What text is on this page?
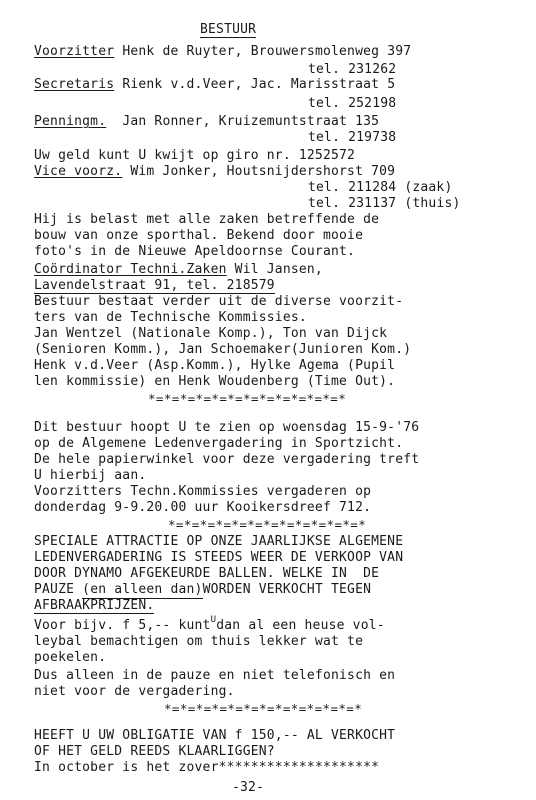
BESTUUR
Voorzitter Henk de Ruyter, Brouwersmolenweg 397
tel. 231262
Secretaris Rienk v.d.Veer, Jac. Marisstraat 5
tel. 252198
Penningm. Jan Ronner, Kruizemuntstraat 135
tel. 219738
Uw geld kunt U kwijt op giro nr. 1252572
Vice voorz. Wim Jonker, Houtsnijdershorst 709
tel. 211284 (zaak)
tel. 231137 (thuis)
Hij is belast met alle zaken betreffende de
bouw van onze sporthal. Bekend door mooie
foto's in de Nieuwe Apeldoornse Courant.
Coördinator Techni.Zaken Wil Jansen,
Lavendelstraat 91, tel. 218579
Bestuur bestaat verder uit de diverse voorzit-
ters van de Technische Kommissies.
Jan Wentzel (Nationale Komp.), Ton van Dijck
(Senioren Komm.), Jan Schoemaker(Junioren Kom.)
Henk v.d.Veer (Asp.Komm.), Hylke Agema (Pupil
len kommissie) en Henk Woudenberg (Time Out).
*=*=*=*=*=*=*=*=*=*=*=*=*
Dit bestuur hoopt U te zien op woensdag 15-9-'76
op de Algemene Ledenvergadering in Sportzicht.
De hele papierwinkel voor deze vergadering treft
U hierbij aan.
Voorzitters Techn.Kommissies vergaderen op
donderdag 9-9.20.00 uur Kooikersdreef 712.
*=*=*=*=*=*=*=*=*=*=*=*=*
SPECIALE ATTRACTIE OP ONZE JAARLIJKSE ALGEMENE
LEDENVERGADERING IS STEEDS WEER DE VERKOOP VAN
DOOR DYNAMO AFGEKEURDE BALLEN. WELKE IN  DE
PAUZE (en alleen dan)WORDEN VERKOCHT TEGEN
AFBRAAKPRIJZEN.
Voor bijv. f 5,-- kunt$^U$dan al een heuse vol-
leybal bemachtigen om thuis lekker wat te
poekelen.
Dus alleen in de pauze en niet telefonisch en
niet voor de vergadering.
*=*=*=*=*=*=*=*=*=*=*=*=*
HEEFT U UW OBLIGATIE VAN f 150,-- AL VERKOCHT
OF HET GELD REEDS KLAARLIGGEN?
In october is het zover********************
-32-
